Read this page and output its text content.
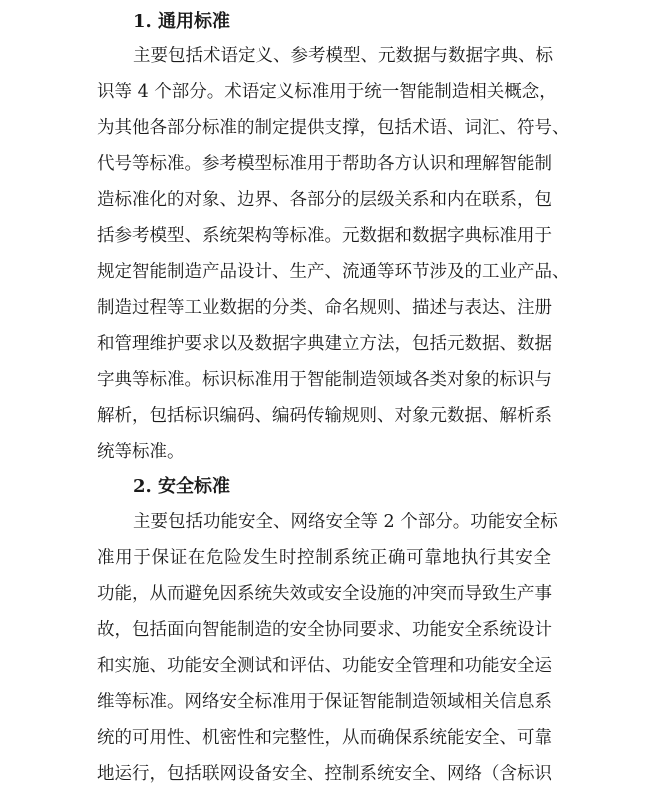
1. 通用标准
主要包括术语定义、参考模型、元数据与数据字典、标
识等 4 个部分。术语定义标准用于统一智能制造相关概念，
为其他各部分标准的制定提供支撑，包括术语、词汇、符号、
代号等标准。参考模型标准用于帮助各方认识和理解智能制
造标准化的对象、边界、各部分的层级关系和内在联系，包
括参考模型、系统架构等标准。元数据和数据字典标准用于
规定智能制造产品设计、生产、流通等环节涉及的工业产品、
制造过程等工业数据的分类、命名规则、描述与表达、注册
和管理维护要求以及数据字典建立方法，包括元数据、数据
字典等标准。标识标准用于智能制造领域各类对象的标识与
解析，包括标识编码、编码传输规则、对象元数据、解析系
统等标准。
2. 安全标准
主要包括功能安全、网络安全等 2 个部分。功能安全标
准用于保证在危险发生时控制系统正确可靠地执行其安全
功能，从而避免因系统失效或安全设施的冲突而导致生产事
故，包括面向智能制造的安全协同要求、功能安全系统设计
和实施、功能安全测试和评估、功能安全管理和功能安全运
维等标准。网络安全标准用于保证智能制造领域相关信息系
统的可用性、机密性和完整性，从而确保系统能安全、可靠
地运行，包括联网设备安全、控制系统安全、网络（含标识
